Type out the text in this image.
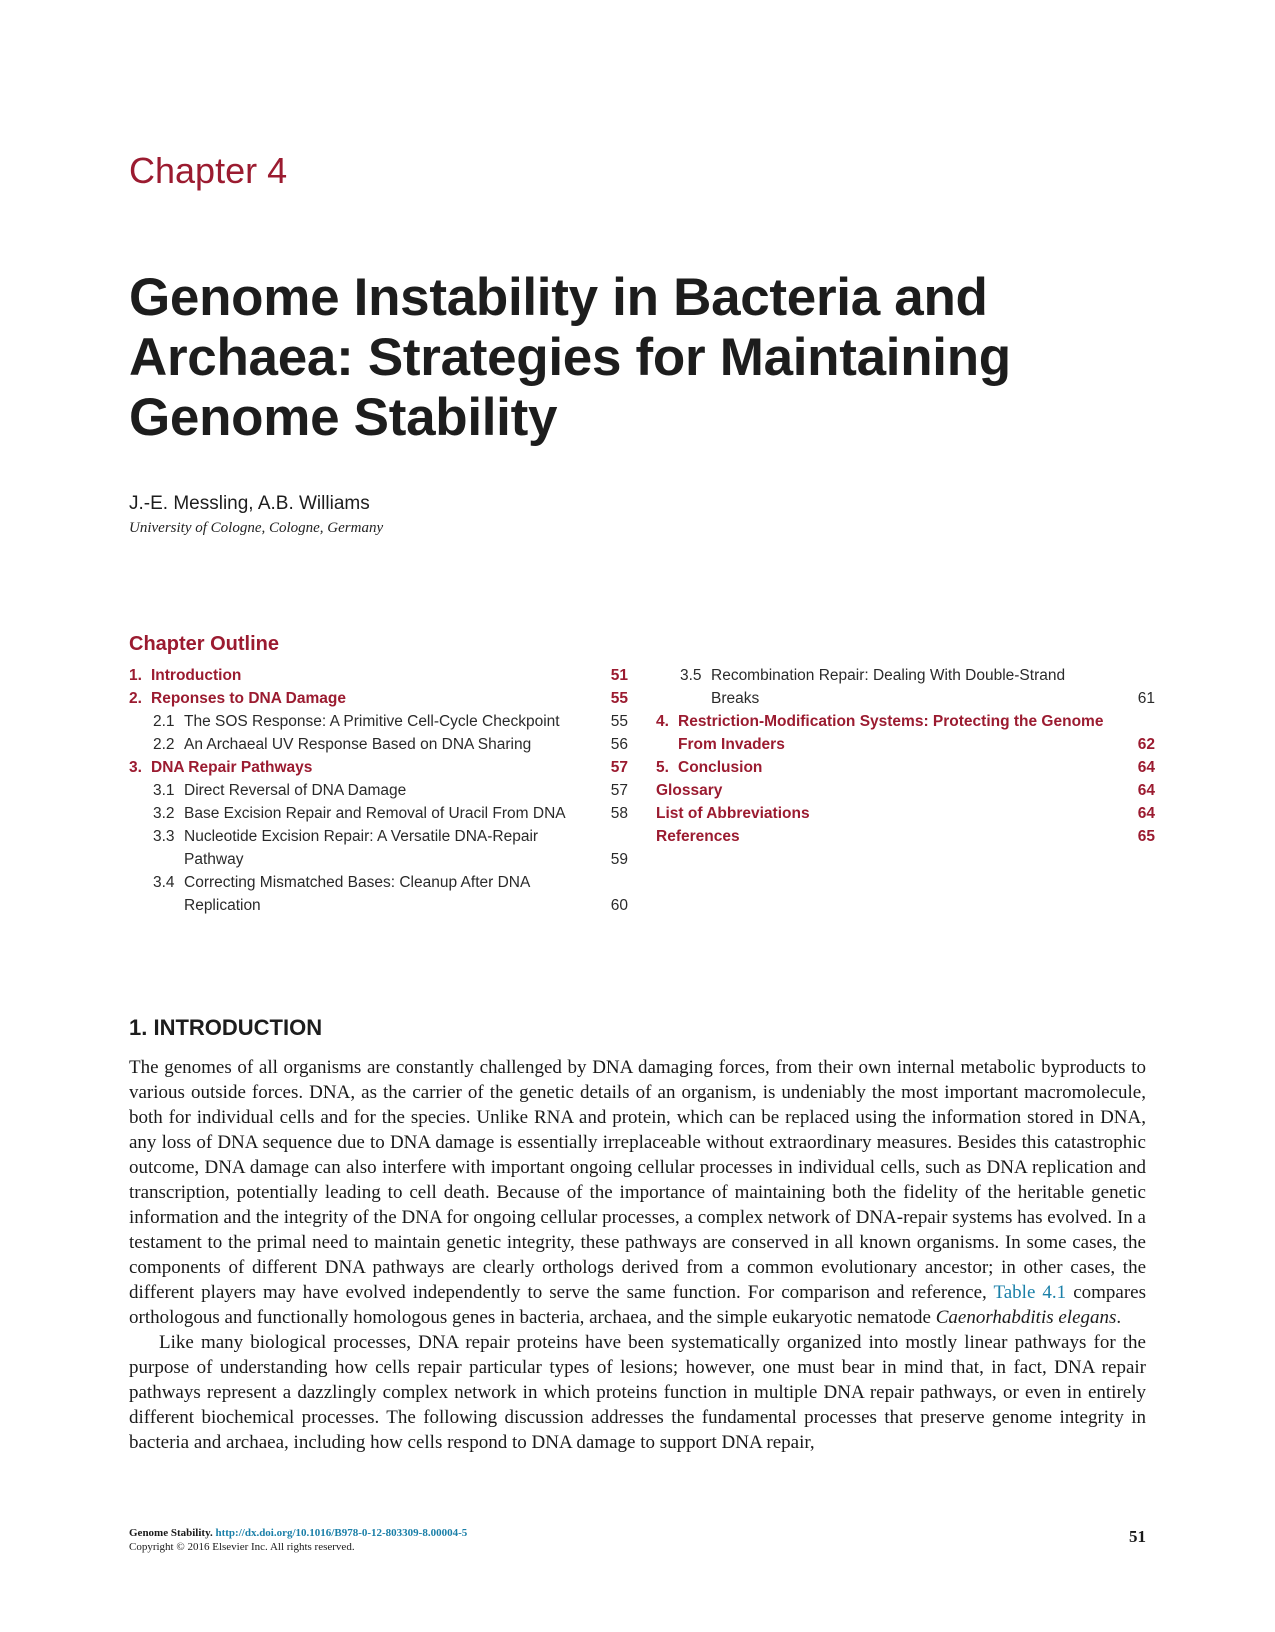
Chapter 4
Genome Instability in Bacteria and Archaea: Strategies for Maintaining Genome Stability
J.-E. Messling, A.B. Williams
University of Cologne, Cologne, Germany
Chapter Outline
1. Introduction	51
2. Reponses to DNA Damage	55
2.1 The SOS Response: A Primitive Cell-Cycle Checkpoint	55
2.2 An Archaeal UV Response Based on DNA Sharing	56
3. DNA Repair Pathways	57
3.1 Direct Reversal of DNA Damage	57
3.2 Base Excision Repair and Removal of Uracil From DNA	58
3.3 Nucleotide Excision Repair: A Versatile DNA-Repair
Pathway	59
3.4 Correcting Mismatched Bases: Cleanup After DNA
Replication	60
3.5 Recombination Repair: Dealing With Double-Strand
Breaks	61
4. Restriction-Modification Systems: Protecting the Genome
From Invaders	62
5. Conclusion	64
Glossary	64
List of Abbreviations	64
References	65
1. INTRODUCTION

The genomes of all organisms are constantly challenged by DNA damaging forces, from their own internal metabolic byproducts to various outside forces. DNA, as the carrier of the genetic details of an organism, is undeniably the most important macromolecule, both for individual cells and for the species. Unlike RNA and protein, which can be replaced using the information stored in DNA, any loss of DNA sequence due to DNA damage is essentially irreplaceable without extraordinary measures. Besides this catastrophic outcome, DNA damage can also interfere with important ongoing cellular processes in individual cells, such as DNA replication and transcription, potentially leading to cell death. Because of the importance of maintaining both the fidelity of the heritable genetic information and the integrity of the DNA for ongoing cellular processes, a complex network of DNA-repair systems has evolved. In a testament to the primal need to maintain genetic integrity, these pathways are conserved in all known organisms. In some cases, the components of different DNA pathways are clearly orthologs derived from a common evolutionary ancestor; in other cases, the different players may have evolved independently to serve the same function. For comparison and reference, Table 4.1 compares orthologous and functionally homologous genes in bacteria, archaea, and the simple eukaryotic nematode Caenorhabditis elegans.

Like many biological processes, DNA repair proteins have been systematically organized into mostly linear pathways for the purpose of understanding how cells repair particular types of lesions; however, one must bear in mind that, in fact, DNA repair pathways represent a dazzlingly complex network in which proteins function in multiple DNA repair pathways, or even in entirely different biochemical processes. The following discussion addresses the fundamental processes that preserve genome integrity in bacteria and archaea, including how cells respond to DNA damage to support DNA repair,

Genome Stability. http://dx.doi.org/10.1016/B978-0-12-803309-8.00004-5
Copyright © 2016 Elsevier Inc. All rights reserved.
51
